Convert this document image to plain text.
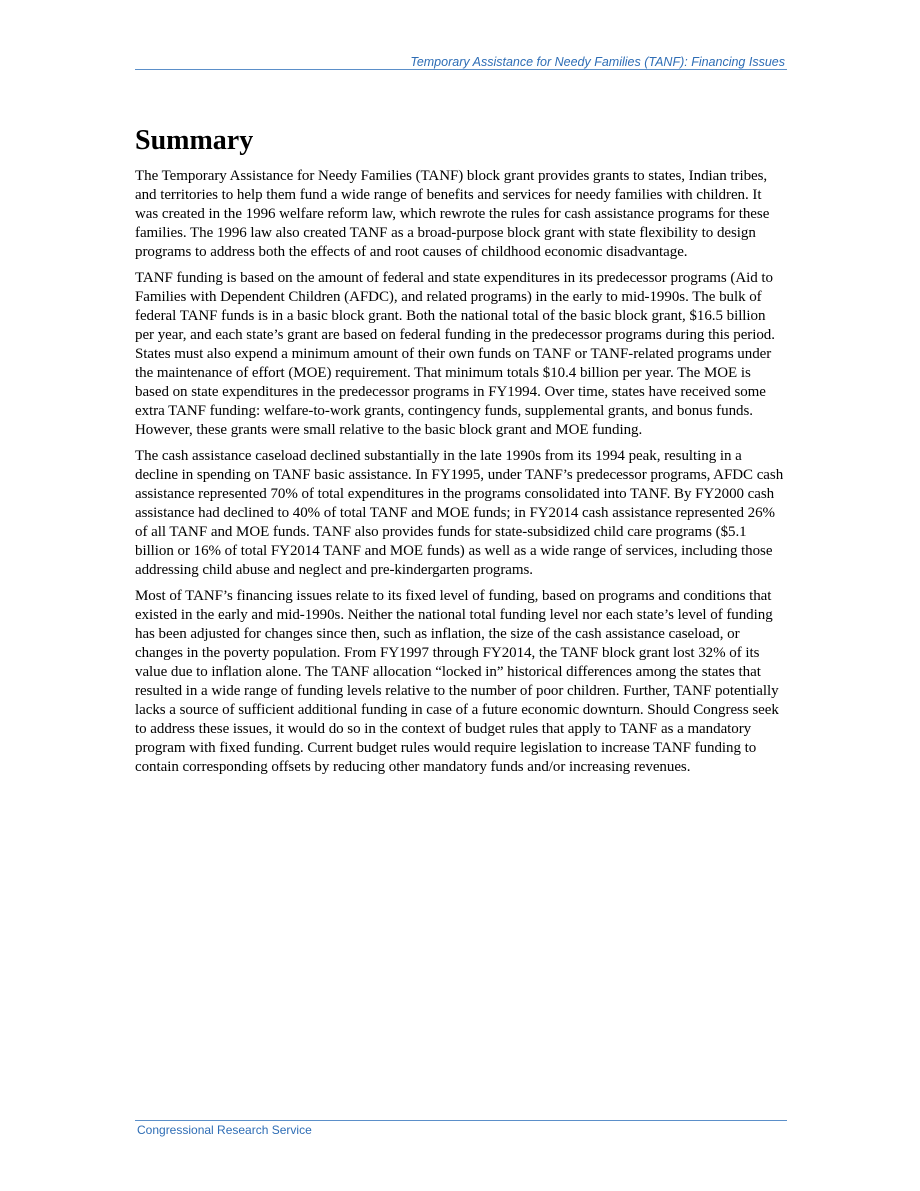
Temporary Assistance for Needy Families (TANF): Financing Issues
Summary

The Temporary Assistance for Needy Families (TANF) block grant provides grants to states, Indian tribes, and territories to help them fund a wide range of benefits and services for needy families with children. It was created in the 1996 welfare reform law, which rewrote the rules for cash assistance programs for these families. The 1996 law also created TANF as a broad-purpose block grant with state flexibility to design programs to address both the effects of and root causes of childhood economic disadvantage.

TANF funding is based on the amount of federal and state expenditures in its predecessor programs (Aid to Families with Dependent Children (AFDC), and related programs) in the early to mid-1990s. The bulk of federal TANF funds is in a basic block grant. Both the national total of the basic block grant, $16.5 billion per year, and each state’s grant are based on federal funding in the predecessor programs during this period. States must also expend a minimum amount of their own funds on TANF or TANF-related programs under the maintenance of effort (MOE) requirement. That minimum totals $10.4 billion per year. The MOE is based on state expenditures in the predecessor programs in FY1994. Over time, states have received some extra TANF funding: welfare-to-work grants, contingency funds, supplemental grants, and bonus funds. However, these grants were small relative to the basic block grant and MOE funding.

The cash assistance caseload declined substantially in the late 1990s from its 1994 peak, resulting in a decline in spending on TANF basic assistance. In FY1995, under TANF’s predecessor programs, AFDC cash assistance represented 70% of total expenditures in the programs consolidated into TANF. By FY2000 cash assistance had declined to 40% of total TANF and MOE funds; in FY2014 cash assistance represented 26% of all TANF and MOE funds. TANF also provides funds for state-subsidized child care programs ($5.1 billion or 16% of total FY2014 TANF and MOE funds) as well as a wide range of services, including those addressing child abuse and neglect and pre-kindergarten programs.

Most of TANF’s financing issues relate to its fixed level of funding, based on programs and conditions that existed in the early and mid-1990s. Neither the national total funding level nor each state’s level of funding has been adjusted for changes since then, such as inflation, the size of the cash assistance caseload, or changes in the poverty population. From FY1997 through FY2014, the TANF block grant lost 32% of its value due to inflation alone. The TANF allocation “locked in” historical differences among the states that resulted in a wide range of funding levels relative to the number of poor children. Further, TANF potentially lacks a source of sufficient additional funding in case of a future economic downturn. Should Congress seek to address these issues, it would do so in the context of budget rules that apply to TANF as a mandatory program with fixed funding. Current budget rules would require legislation to increase TANF funding to contain corresponding offsets by reducing other mandatory funds and/or increasing revenues.

Congressional Research Service
